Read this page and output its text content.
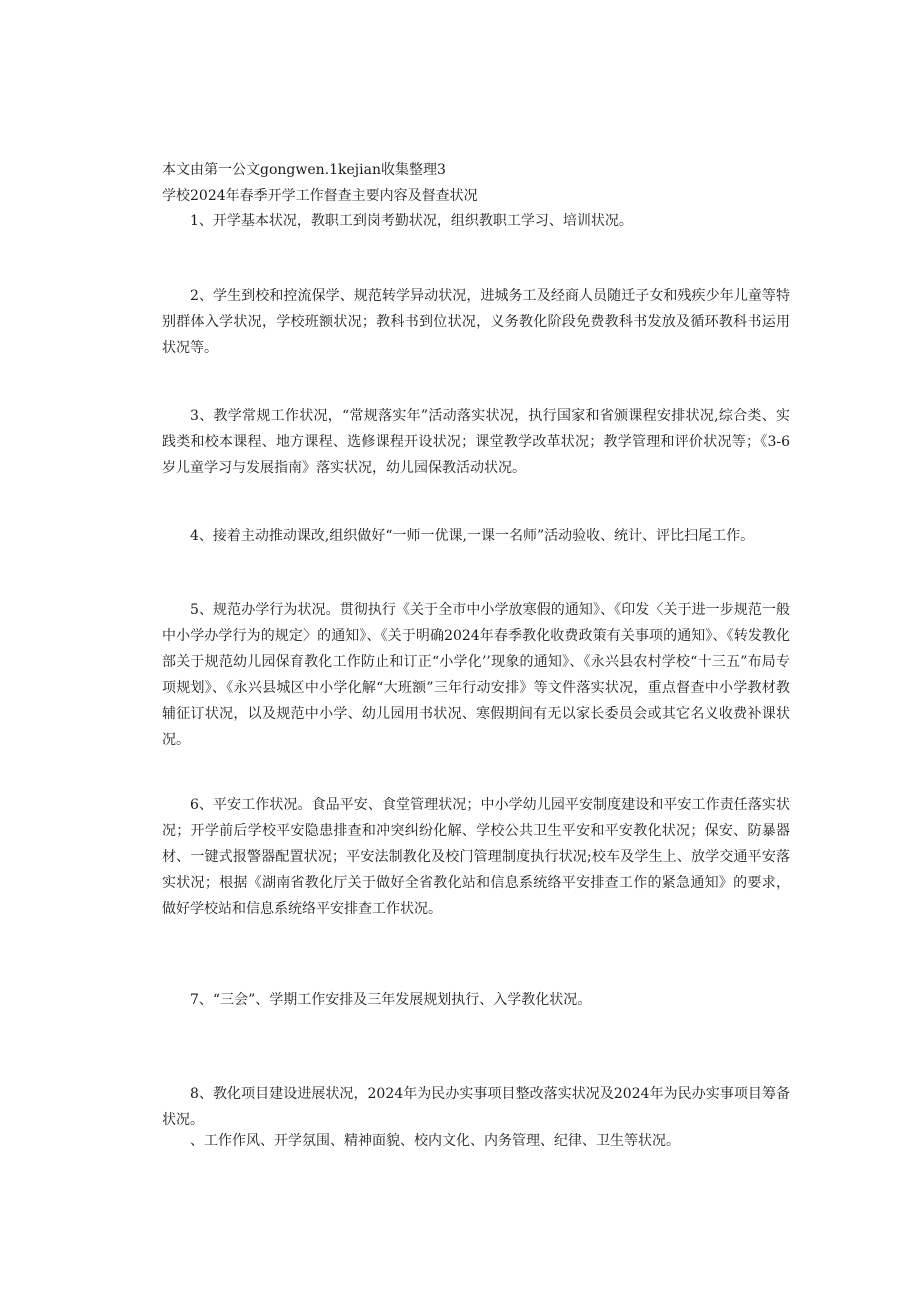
本文由第一公文gongwen.1kejian收集整理3
学校2024年春季开学工作督查主要内容及督查状况
1、开学基本状况，教职工到岗考勤状况，组织教职工学习、培训状况。
2、学生到校和控流保学、规范转学异动状况，进城务工及经商人员随迁子女和残疾少年儿童等特别群体入学状况，学校班额状况；教科书到位状况，义务教化阶段免费教科书发放及循环教科书运用状况等。
3、教学常规工作状况，“常规落实年”活动落实状况，执行国家和省颁课程安排状况,综合类、实践类和校本课程、地方课程、选修课程开设状况；课堂教学改革状况；教学管理和评价状况等；《3-6岁儿童学习与发展指南》落实状况，幼儿园保教活动状况。
4、接着主动推动课改,组织做好“一师一优课,一课一名师”活动验收、统计、评比扫尾工作。
5、规范办学行为状况。贯彻执行《关于全市中小学放寒假的通知》、《印发〈关于进一步规范一般中小学办学行为的规定〉的通知》、《关于明确2024年春季教化收费政策有关事项的通知》、《转发教化部关于规范幼儿园保育教化工作防止和订正“小学化’’现象的通知》、《永兴县农村学校“十三五”布局专项规划》、《永兴县城区中小学化解“大班额”三年行动安排》等文件落实状况，重点督查中小学教材教辅征订状况，以及规范中小学、幼儿园用书状况、寒假期间有无以家长委员会或其它名义收费补课状况。
6、平安工作状况。食品平安、食堂管理状况；中小学幼儿园平安制度建设和平安工作责任落实状况；开学前后学校平安隐患排查和冲突纠纷化解、学校公共卫生平安和平安教化状况；保安、防暴器材、一键式报警器配置状况；平安法制教化及校门管理制度执行状况;校车及学生上、放学交通平安落实状况；根据《湖南省教化厅关于做好全省教化站和信息系统络平安排查工作的紧急通知》的要求，做好学校站和信息系统络平安排查工作状况。
7、“三会”、学期工作安排及三年发展规划执行、入学教化状况。
8、教化项目建设进展状况，2024年为民办实事项目整改落实状况及2024年为民办实事项目筹备状况。
、工作作风、开学氛围、精神面貌、校内文化、内务管理、纪律、卫生等状况。
